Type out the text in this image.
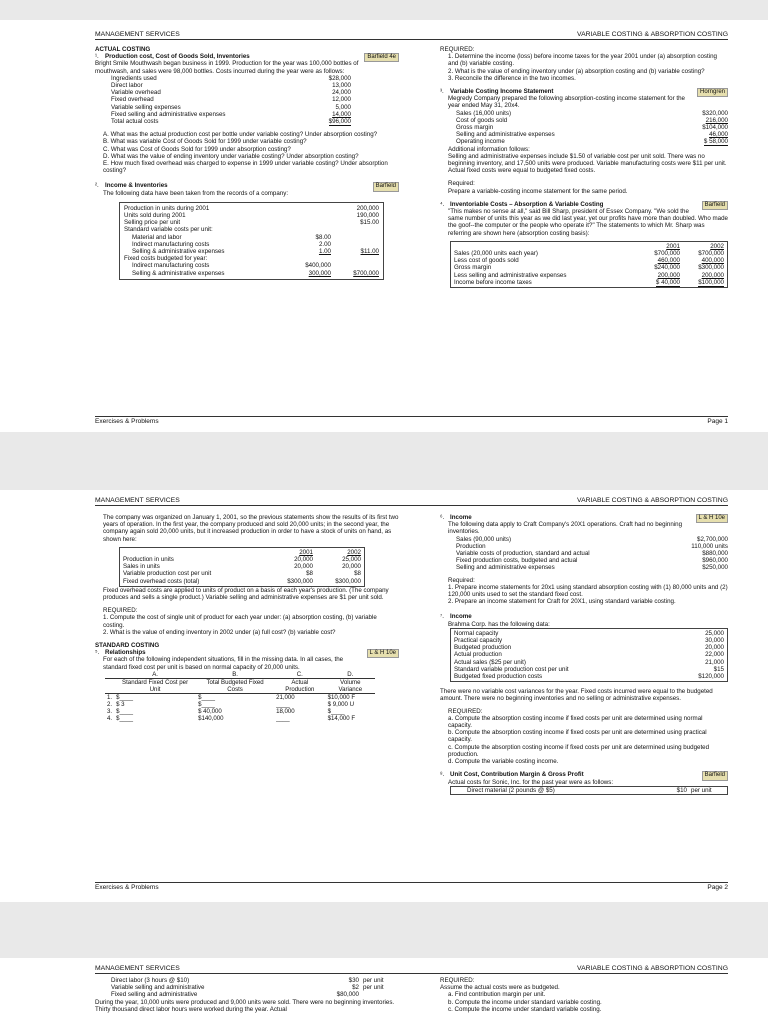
MANAGEMENT SERVICES	VARIABLE COSTING & ABSORPTION COSTING

ACTUAL COSTING

¹. Production cost, Cost of Goods Sold, Inventories	Barfield 4e

Bright Smile Mouthwash began business in 1999. Production for the year was 100,000 bottles of mouthwash, and sales were 98,000 bottles. Costs incurred during the year were as follows:

Ingredients used	$28,000
Direct labor	13,000
Variable overhead	24,000
Fixed overhead	12,000
Variable selling expenses	5,000
Fixed selling and administrative expenses	14,000
Total actual costs	$96,000

A. What was the actual production cost per bottle under variable costing? Under absorption costing?

B. What was variable Cost of Goods Sold for 1999 under variable costing?

C. What was Cost of Goods Sold for 1999 under absorption costing?

D. What was the value of ending inventory under variable costing? Under absorption costing?

E. How much fixed overhead was charged to expense in 1999 under variable costing? Under absorption costing?

². Income & Inventories	Barfield

The following data have been taken from the records of a company:

Production in units during 2001	200,000
Units sold during 2001	190,000
Selling price per unit	$15.00
Standard variable costs per unit:
Material and labor	$8.00
Indirect manufacturing costs	2.00
Selling & administrative expenses	1.00	$11.00
Fixed costs budgeted for year:
Indirect manufacturing costs	$400,000
Selling & administrative expenses	300,000	$700,000

REQUIRED:

1. Determine the income (loss) before income taxes for the year 2001 under (a) absorption costing and (b) variable costing.

2. What is the value of ending inventory under (a) absorption costing and (b) variable costing?

3. Reconcile the difference in the two incomes.

³. Variable Costing Income Statement	Horngren

Megredy Company prepared the following absorption-costing income statement for the year ended May 31, 20x4.

Sales (16,000 units)	$320,000
Cost of goods sold	216,000
Gross margin	$104,000
Selling and administrative expenses	46,000
Operating income	$ 58,000

Additional information follows:

Selling and administrative expenses include $1.50 of variable cost per unit sold. There was no beginning inventory, and 17,500 units were produced. Variable manufacturing costs were $11 per unit. Actual fixed costs were equal to budgeted fixed costs.

Required:

Prepare a variable-costing income statement for the same period.

⁴. Inventoriable Costs – Absorption & Variable Costing	Barfield

"This makes no sense at all," said Bill Sharp, president of Essex Company. "We sold the same number of units this year as we did last year, yet our profits have more than doubled. Who made the goof--the computer or the people who operate it?" The statements to which Mr. Sharp was referring are shown here (absorption costing basis):

2001	2002
Sales (20,000 units each year)	$700,000	$700,000
Less cost of goods sold	460,000	400,000
Gross margin	$240,000	$300,000
Less selling and administrative expenses	200,000	200,000
Income before income taxes	$ 40,000	$100,000
Exercises & Problems	Page 1
MANAGEMENT SERVICES	VARIABLE COSTING & ABSORPTION COSTING

The company was organized on January 1, 2001, so the previous statements show the results of its first two years of operation. In the first year, the company produced and sold 20,000 units; in the second year, the company again sold 20,000 units, but it increased production in order to have a stock of units on hand, as shown here:

2001	2002
Production in units	20,000	25,000
Sales in units	20,000	20,000
Variable production cost per unit	$8	$8
Fixed overhead costs (total)	$300,000	$300,000

Fixed overhead costs are applied to units of product on a basis of each year's production. (The company produces and sells a single product.) Variable selling and administrative expenses are $1 per unit sold.

REQUIRED:

1. Compute the cost of single unit of product for each year under: (a) absorption costing, (b) variable costing.

2. What is the value of ending inventory in 2002 under (a) full cost? (b) variable cost?

STANDARD COSTING

⁵. Relationships	L & H 10e

For each of the following independent situations, fill in the missing data. In all cases, the standard fixed cost per unit is based on normal capacity of 20,000 units.

	A.	B.	C.	D.
	Standard Fixed Cost per Unit	Total Budgeted Fixed Costs	Actual Production	Volume Variance
1.	$____	$____	21,000	$10,000 F
2.	$ 3	$____	____	$ 9,000 U
3.	$____	$ 40,000	18,000	$____
4.	$____	$140,000	____	$14,000 F
⁶. Income	L & H 10e

The following data apply to Craft Company's 20X1 operations. Craft had no beginning inventories.

Sales (90,000 units)	$2,700,000
Production	110,000 units
Variable costs of production, standard and actual	$880,000
Fixed production costs, budgeted and actual	$960,000
Selling and administrative expenses	$250,000

Required:

1. Prepare income statements for 20x1 using standard absorption costing with (1) 80,000 units and (2) 120,000 units used to set the standard fixed cost.

2. Prepare an income statement for Craft for 20X1, using standard variable costing.

⁷. Income

Brahma Corp. has the following data:

Normal capacity	25,000
Practical capacity	30,000
Budgeted production	20,000
Actual production	22,000
Actual sales ($25 per unit)	21,000
Standard variable production cost per unit	$15
Budgeted fixed production costs	$120,000

There were no variable cost variances for the year. Fixed costs incurred were equal to the budgeted amount. There were no beginning inventories and no selling or administrative expenses.

REQUIRED:

a. Compute the absorption costing income if fixed costs per unit are determined using normal capacity.

b. Compute the absorption costing income if fixed costs per unit are determined using practical capacity.

c. Compute the absorption costing income if fixed costs per unit are determined using budgeted production.

d. Compute the variable costing income.

⁸. Unit Cost, Contribution Margin & Gross Profit	Barfield

Actual costs for Sonic, Inc. for the past year were as follows:

Direct material (2 pounds @ $5)	$10 per unit
Exercises & Problems	Page 2
MANAGEMENT SERVICES	VARIABLE COSTING & ABSORPTION COSTING
Direct labor (3 hours @ $10)	$30 per unit
Variable selling and administrative	$2 per unit
Fixed selling and administrative	$80,000

During the year, 10,000 units were produced and 9,000 units were sold. There were no beginning inventories. Thirty thousand direct labor hours were worked during the year. Actual

REQUIRED:

Assume the actual costs were as budgeted.

a. Find contribution margin per unit.

b. Compute the income under standard variable costing.

c. Compute the income under standard variable costing.
